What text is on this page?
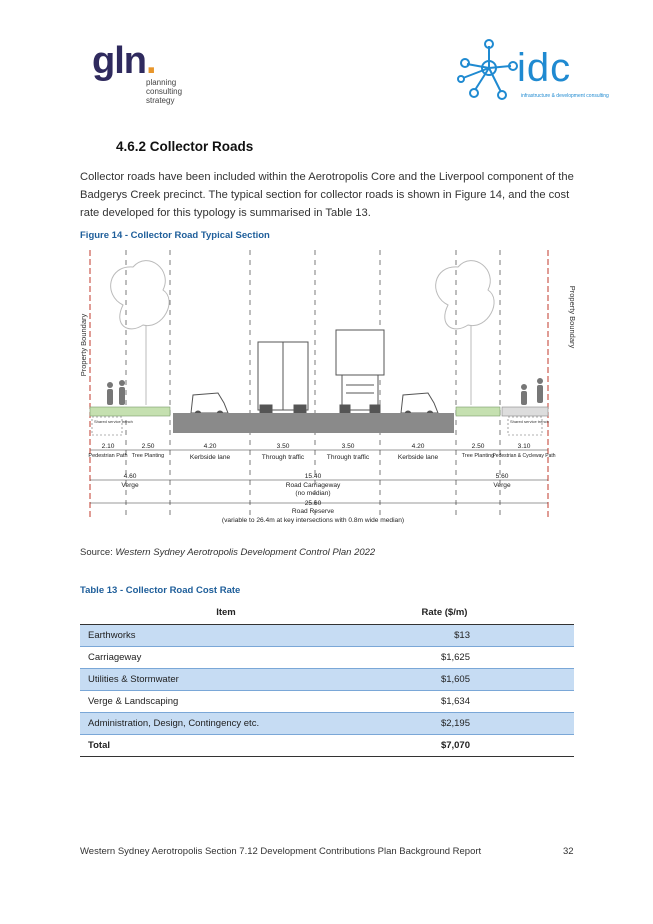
gln.
planning
consulting
strategy
idc
infrastructure & development consulting
4.6.2 Collector Roads
Collector roads have been included within the Aerotropolis Core and the Liverpool component of the Badgerys Creek precinct. The typical section for collector roads is shown in Figure 14, and the cost rate developed for this typology is summarised in Table 13.
Figure 14 - Collector Road Typical Section
Property Boundary	Property Boundary
Shared service trench	Shared service trench
2.10
Pedestrian Path
2.50
Tree Planting
4.20
Kerbside lane
3.50
Through traffic
3.50
Through traffic
4.20
Kerbside lane
2.50
Tree Planting
3.10
Pedestrian & Cycleway Path
4.60
Verge
5.60
Verge
15.40
Road Carriageway
(no median)
25.60
Road Reserve
(variable to 26.4m at key intersections with 0.8m wide median)
Source: Western Sydney Aerotropolis Development Control Plan 2022
Table 13 - Collector Road Cost Rate
Item	Rate ($/m)
Earthworks	$13
Carriageway	$1,625
Utilities & Stormwater	$1,605
Verge & Landscaping	$1,634
Administration, Design, Contingency etc.	$2,195
Total	$7,070
Western Sydney Aerotropolis Section 7.12 Development Contributions Plan Background Report	32
